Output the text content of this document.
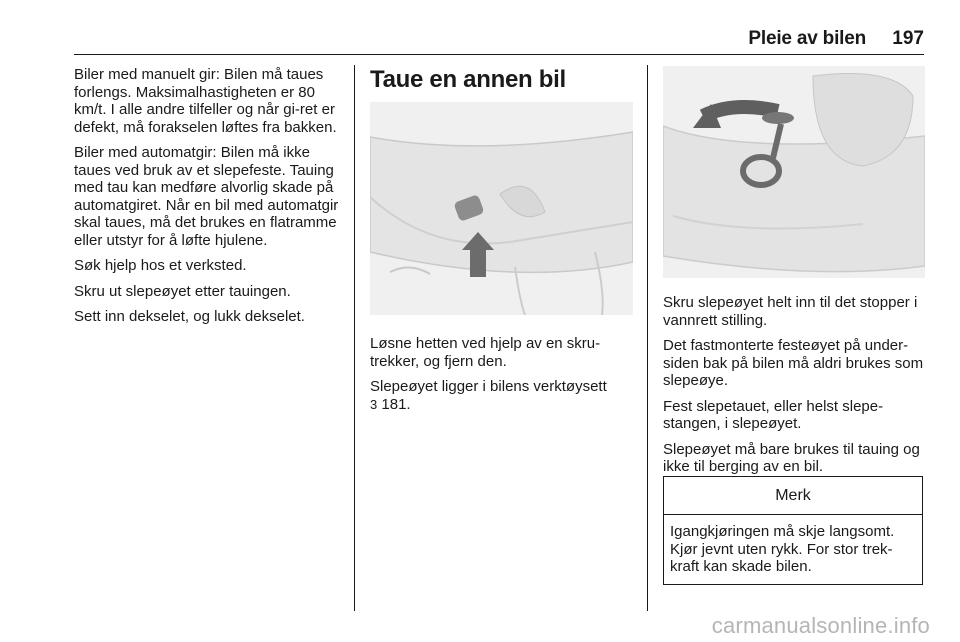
Pleie av bilen 197

Biler med manuelt gir: Bilen må taues forlengs. Maksimalhastigheten er 80 km/t. I alle andre tilfeller og når gi-ret er defekt, må forakselen løftes fra bakken.

Biler med automatgir: Bilen må ikke taues ved bruk av et slepefeste. Tauing med tau kan medføre alvorlig skade på automatgiret. Når en bil med automatgir skal taues, må det brukes en flatramme eller utstyr for å løfte hjulene.

Søk hjelp hos et verksted.

Skru ut slepeøyet etter tauingen.

Sett inn dekselet, og lukk dekselet.

Taue en annen bil

Løsne hetten ved hjelp av en skru-trekker, og fjern den.

Slepeøyet ligger i bilens verktøysett
3 181.

Skru slepeøyet helt inn til det stopper i vannrett stilling.

Det fastmonterte festeøyet på under-siden bak på bilen må aldri brukes som slepeøye.

Fest slepetauet, eller helst slepe-stangen, i slepeøyet.

Slepeøyet må bare brukes til tauing og ikke til berging av en bil.

Merk
Igangkjøringen må skje langsomt. Kjør jevnt uten rykk. For stor trek-kraft kan skade bilen.
carmanualsonline.info
